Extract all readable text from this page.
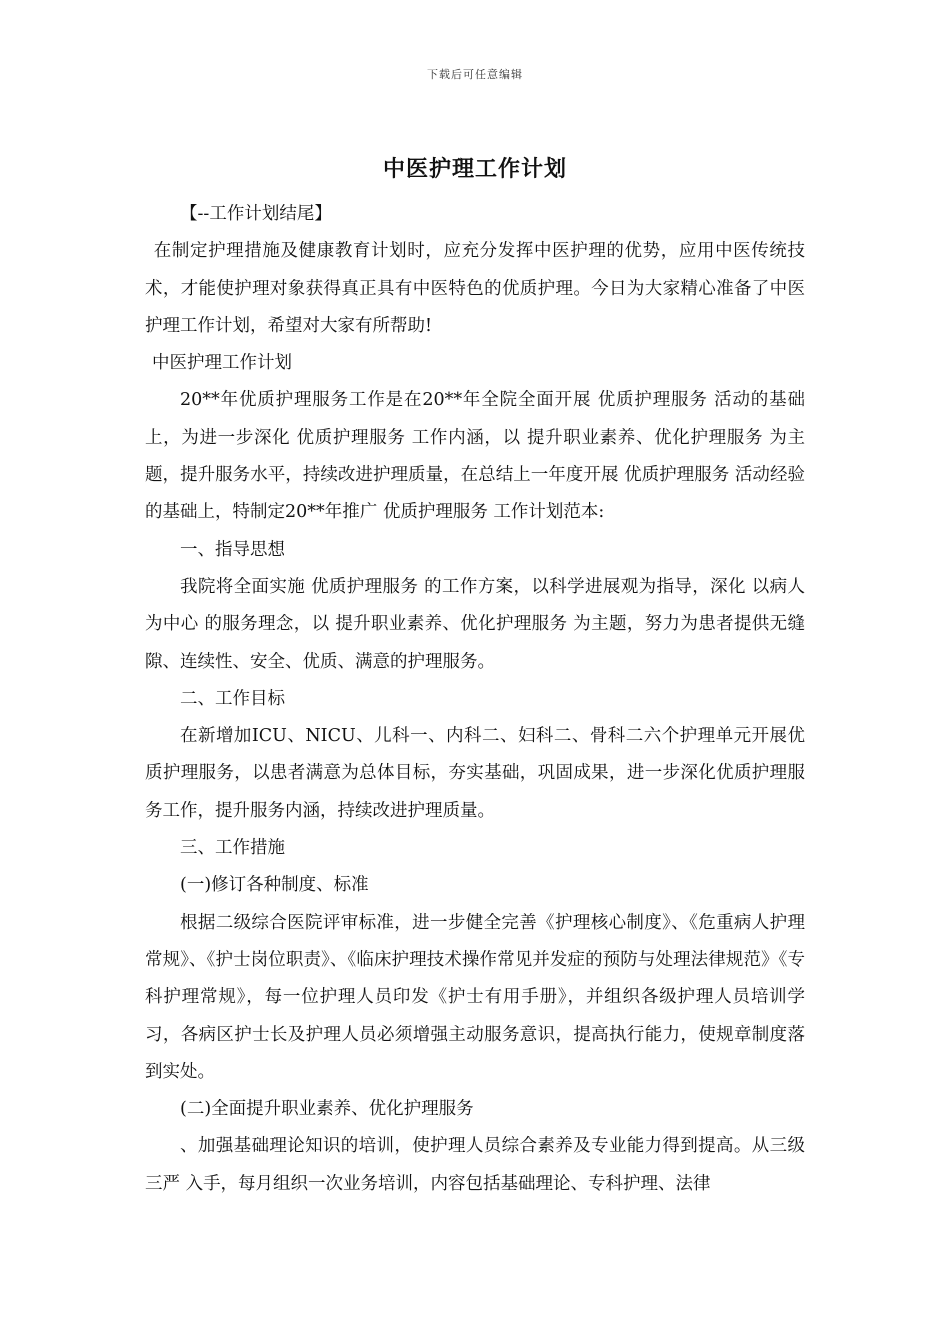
下载后可任意编辑
中医护理工作计划

【--工作计划结尾】

在制定护理措施及健康教育计划时，应充分发挥中医护理的优势，应用中医传统技术，才能使护理对象获得真正具有中医特色的优质护理。今日为大家精心准备了中医护理工作计划，希望对大家有所帮助!

中医护理工作计划

20**年优质护理服务工作是在20**年全院全面开展 优质护理服务 活动的基础上，为进一步深化 优质护理服务 工作内涵，以 提升职业素养、优化护理服务 为主题，提升服务水平，持续改进护理质量，在总结上一年度开展 优质护理服务 活动经验的基础上，特制定20**年推广 优质护理服务 工作计划范本:

一、指导思想

我院将全面实施 优质护理服务 的工作方案，以科学进展观为指导，深化 以病人为中心 的服务理念，以 提升职业素养、优化护理服务 为主题，努力为患者提供无缝隙、连续性、安全、优质、满意的护理服务。

二、工作目标

在新增加ICU、NICU、儿科一、内科二、妇科二、骨科二六个护理单元开展优质护理服务，以患者满意为总体目标，夯实基础，巩固成果，进一步深化优质护理服务工作，提升服务内涵，持续改进护理质量。

三、工作措施

(一)修订各种制度、标准

根据二级综合医院评审标准，进一步健全完善《护理核心制度》、《危重病人护理常规》、《护士岗位职责》、《临床护理技术操作常见并发症的预防与处理法律规范》《专科护理常规》，每一位护理人员印发《护士有用手册》，并组织各级护理人员培训学习，各病区护士长及护理人员必须增强主动服务意识，提高执行能力，使规章制度落到实处。

(二)全面提升职业素养、优化护理服务

、加强基础理论知识的培训，使护理人员综合素养及专业能力得到提高。从三级三严 入手，每月组织一次业务培训，内容包括基础理论、专科护理、法律
